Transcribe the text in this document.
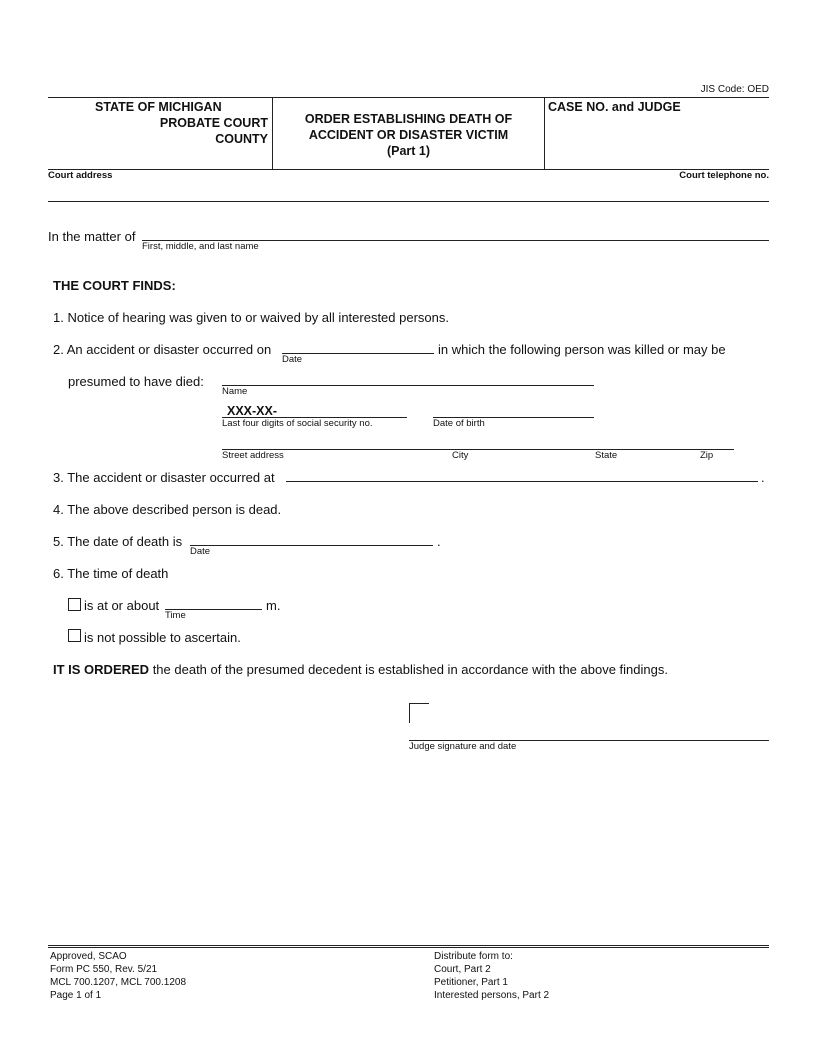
JIS Code: OED
STATE OF MICHIGAN
PROBATE COURT
COUNTY
ORDER ESTABLISHING DEATH OF
ACCIDENT OR DISASTER VICTIM
(Part 1)
CASE NO. and JUDGE
Court address	Court telephone no.
In the matter of
First, middle, and last name
THE COURT FINDS:
1. Notice of hearing was given to or waived by all interested persons.
2. An accident or disaster occurred on
Date
in which the following person was killed or may be
presumed to have died:
Name
XXX-XX-
Last four digits of social security no.	Date of birth
Street address	City	State	Zip
3. The accident or disaster occurred at	.
4. The above described person is dead.
5. The date of death is
Date
.
6. The time of death
is at or about
Time
m.
is not possible to ascertain.
IT IS ORDERED the death of the presumed decedent is established in accordance with the above findings.
Judge signature and date
Approved, SCAO
Form PC 550, Rev. 5/21
MCL 700.1207, MCL 700.1208
Page 1 of 1
Distribute form to:
Court, Part 2
Petitioner, Part 1
Interested persons, Part 2
